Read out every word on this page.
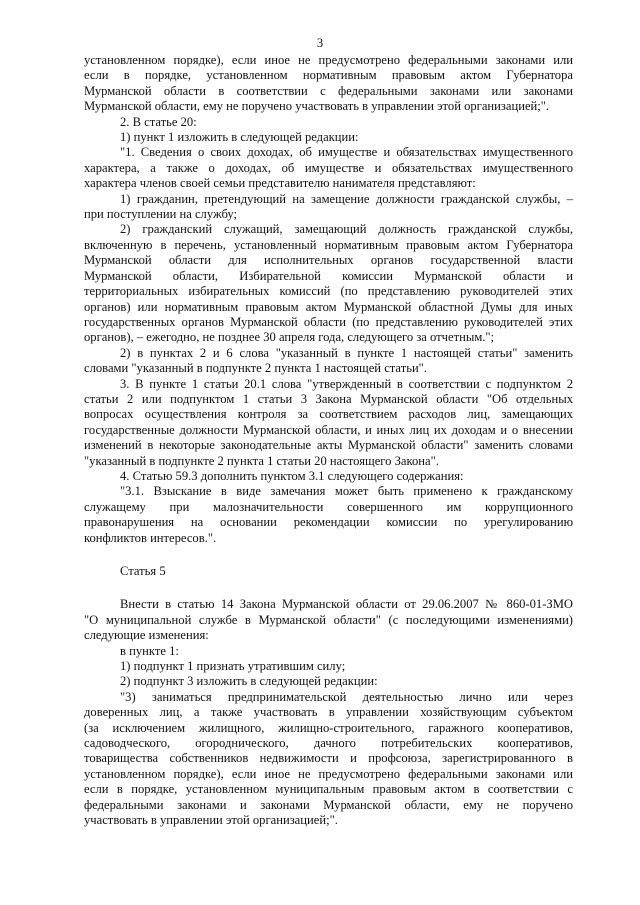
3
установленном порядке), если иное не предусмотрено федеральными законами или
если в порядке, установленном нормативным правовым актом Губернатора
Мурманской области в соответствии с федеральными законами или законами
Мурманской области, ему не поручено участвовать в управлении этой организацией;".
2. В статье 20:
1) пункт 1 изложить в следующей редакции:
"1. Сведения о своих доходах, об имуществе и обязательствах имущественного
характера, а также о доходах, об имуществе и обязательствах имущественного
характера членов своей семьи представителю нанимателя представляют:
1) гражданин, претендующий на замещение должности гражданской службы, –
при поступлении на службу;
2) гражданский служащий, замещающий должность гражданской службы,
включенную в перечень, установленный нормативным правовым актом Губернатора
Мурманской области для исполнительных органов государственной власти
Мурманской области, Избирательной комиссии Мурманской области и
территориальных избирательных комиссий (по представлению руководителей этих
органов) или нормативным правовым актом Мурманской областной Думы для иных
государственных органов Мурманской области (по представлению руководителей этих
органов), – ежегодно, не позднее 30 апреля года, следующего за отчетным.";
2) в пунктах 2 и 6 слова "указанный в пункте 1 настоящей статьи" заменить
словами "указанный в подпункте 2 пункта 1 настоящей статьи".
3. В пункте 1 статьи 20.1 слова "утвержденный в соответствии с подпунктом 2
статьи 2 или подпунктом 1 статьи 3 Закона Мурманской области "Об отдельных
вопросах осуществления контроля за соответствием расходов лиц, замещающих
государственные должности Мурманской области, и иных лиц их доходам и о внесении
изменений в некоторые законодательные акты Мурманской области" заменить словами
"указанный в подпункте 2 пункта 1 статьи 20 настоящего Закона".
4. Статью 59.3 дополнить пунктом 3.1 следующего содержания:
"3.1. Взыскание в виде замечания может быть применено к гражданскому
служащему при малозначительности совершенного им коррупционного
правонарушения на основании рекомендации комиссии по урегулированию
конфликтов интересов.".
Статья 5
Внести в статью 14 Закона Мурманской области от 29.06.2007 № 860-01-ЗМО
"О муниципальной службе в Мурманской области" (с последующими изменениями)
следующие изменения:
в пункте 1:
1) подпункт 1 признать утратившим силу;
2) подпункт 3 изложить в следующей редакции:
"3) заниматься предпринимательской деятельностью лично или через
доверенных лиц, а также участвовать в управлении хозяйствующим субъектом
(за исключением жилищного, жилищно-строительного, гаражного кооперативов,
садоводческого, огороднического, дачного потребительских кооперативов,
товарищества собственников недвижимости и профсоюза, зарегистрированного в
установленном порядке), если иное не предусмотрено федеральными законами или
если в порядке, установленном муниципальным правовым актом в соответствии с
федеральными законами и законами Мурманской области, ему не поручено
участвовать в управлении этой организацией;".
